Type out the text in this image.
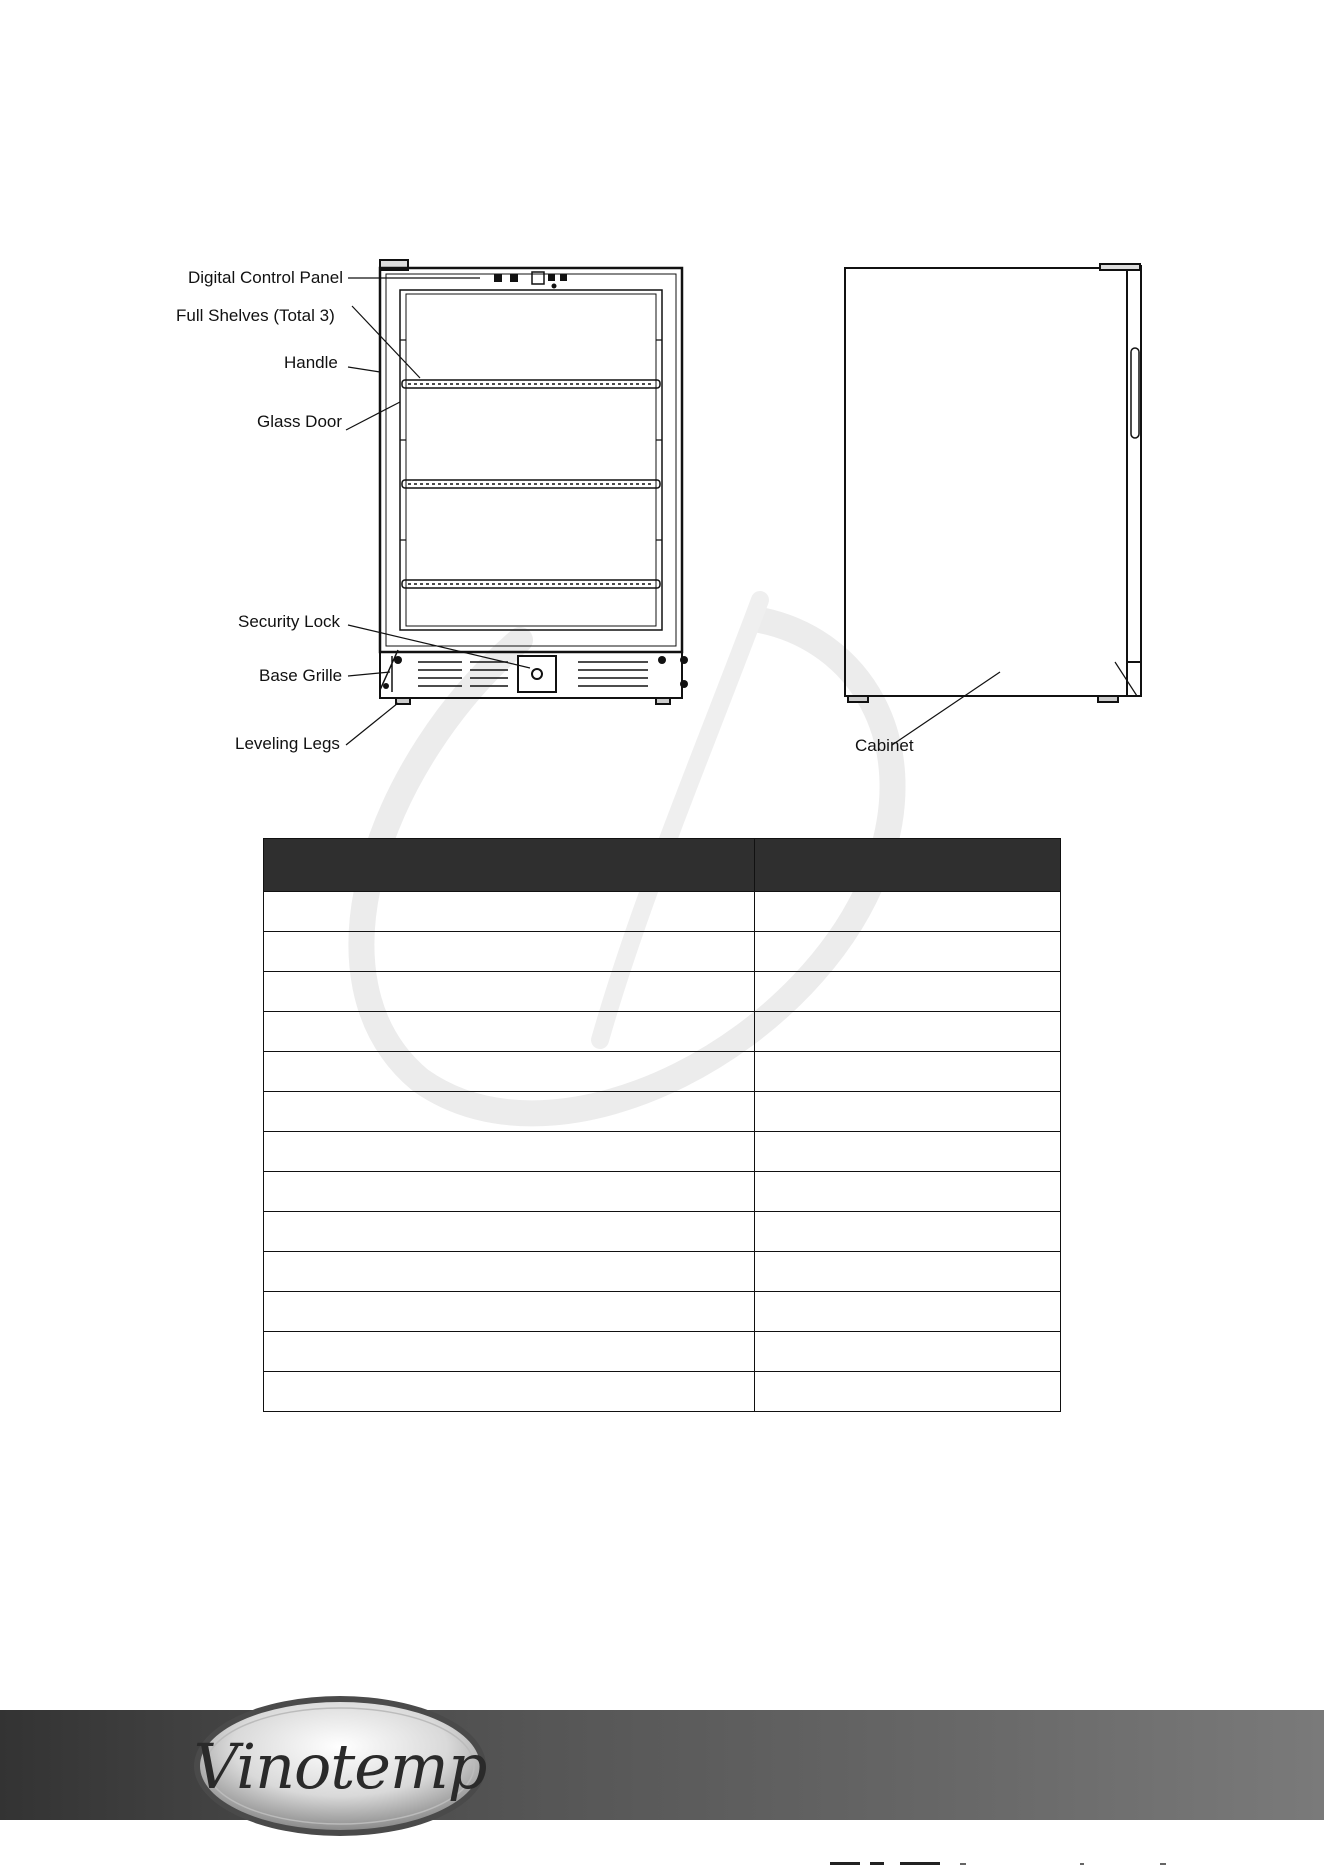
Digital Control Panel
Full Shelves (Total 3)
Handle
Glass Door
Security Lock
Base Grille
Leveling Legs	Cabinet

Vinotemp
